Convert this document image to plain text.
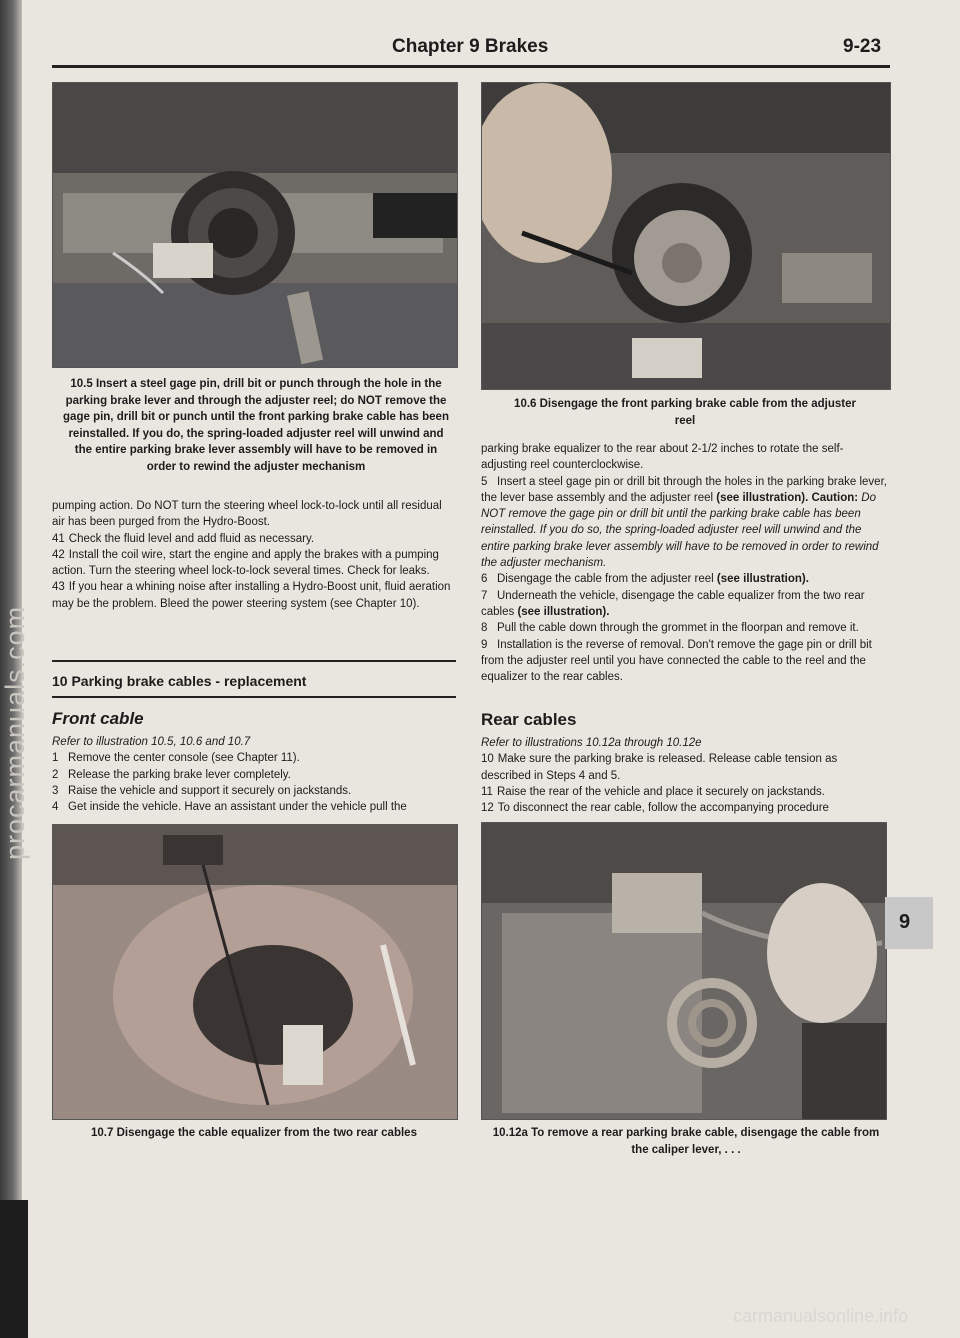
procarmanuals.com
Chapter 9 Brakes	9-23
10.5 Insert a steel gage pin, drill bit or punch through the hole in the parking brake lever and through the adjuster reel; do NOT remove the gage pin, drill bit or punch until the front parking brake cable has been reinstalled. If you do, the spring-loaded adjuster reel will unwind and the entire parking brake lever assembly will have to be removed in order to rewind the adjuster mechanism
10.6 Disengage the front parking brake cable from the adjuster reel

pumping action. Do NOT turn the steering wheel lock-to-lock until all residual air has been purged from the Hydro-Boost.

41 Check the fluid level and add fluid as necessary.

42 Install the coil wire, start the engine and apply the brakes with a pumping action. Turn the steering wheel lock-to-lock several times. Check for leaks.

43 If you hear a whining noise after installing a Hydro-Boost unit, fluid aeration may be the problem. Bleed the power steering system (see Chapter 10).

10 Parking brake cables - replacement
Front cable

Refer to illustration 10.5, 10.6 and 10.7

1 Remove the center console (see Chapter 11).

2 Release the parking brake lever completely.

3 Raise the vehicle and support it securely on jackstands.

4 Get inside the vehicle. Have an assistant under the vehicle pull the

10.7 Disengage the cable equalizer from the two rear cables

parking brake equalizer to the rear about 2-1/2 inches to rotate the self-adjusting reel counterclockwise.

5 Insert a steel gage pin or drill bit through the holes in the parking brake lever, the lever base assembly and the adjuster reel (see illustration). Caution: Do NOT remove the gage pin or drill bit until the parking brake cable has been reinstalled. If you do so, the spring-loaded adjuster reel will unwind and the entire parking brake lever assembly will have to be removed in order to rewind the adjuster mechanism.

6 Disengage the cable from the adjuster reel (see illustration).

7 Underneath the vehicle, disengage the cable equalizer from the two rear cables (see illustration).

8 Pull the cable down through the grommet in the floorpan and remove it.

9 Installation is the reverse of removal. Don't remove the gage pin or drill bit from the adjuster reel until you have connected the cable to the reel and the equalizer to the rear cables.

Rear cables

Refer to illustrations 10.12a through 10.12e

10 Make sure the parking brake is released. Release cable tension as described in Steps 4 and 5.

11 Raise the rear of the vehicle and place it securely on jackstands.

12 To disconnect the rear cable, follow the accompanying procedure

10.12a To remove a rear parking brake cable, disengage the cable from the caliper lever, . . .
9
carmanualsonline.info
